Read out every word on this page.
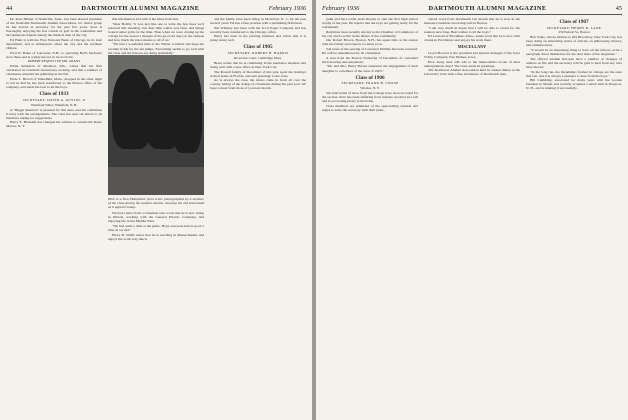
44	DARTMOUTH ALUMNI MAGAZINE	February 1936

Dr. Ross Hiltner of Nashville, Tenn., has been elected president of the Nashville Dartmouth Alumni Association, for which group he has served as secretary for the past few years. Ross is thoroughly enjoying his few rounds of golf in the wintertime and has numerous friends among the medical men of the city.

Ed Hunt is with the First National Bank of Chicago in its trust department, and is enthusiastic about the city and the northern climate.

Fred W. Baker of Lancaster, N.H., is operating Bell's hardware store there and is widely known in local circles.

ROBERT REQUEST OF MR. GRANT

Eddie Sebastian of Madison, Wis., writes that his firm celebrated its twentieth anniversary recently, and that a number of classmates attended the gathering in the fall.

Ernie L. Brown of Wakefield, Mass., dropped in the other night to tell us that he has been transferred to the Boston office of the company, and sends his best to all the boys.

Class of 1933
SECRETARY, DAVID A. AUSTIN, II
Wakefield Valley, Wakefield, N. H.

A "Bigger Reunion" is planned for this June, and the committee is busy with the arrangements. The class has sent out letters to all members asking for suggestions.

Harry E. Blaisdell has changed his address to Greenville Road, Mercer, N. Y.

this information and with it the letter from Jim.

"Dear Bobby: 'It was just like one to write the few lines we'd reserved this morning, but dear little Cellar was blue, and things looked rather grim for the time. Then when we were closing up the cottage for the season I thought of the good old days on the campus and how much the place means to all of us.'

"We had a wonderful time at the Winter Carnival and hope the weather holds for the ski jumps. Everything seems to go well with the class and the fellows are doing splendidly."

Here is a New Hampshire farm scene photographed by a member of the class during the autumn months, showing the old homestead as it appears today.

We had a letter from a classmate who wrote that he is now living in Illinois, working with the General Electric Company, and enjoying life in the Middle West.

"We had quite a time at the game. Hope everyone had as good a time as we did."

Harry B. Smith writes that he is teaching in Massachusetts and enjoys the work very much.

and the family have been living in Montclair, N. J., for the past several years. He has a fine position with a publishing firm there.

Jim Whitney has been with the Scott Paper Company and has recently been transferred to the Chicago office.

Harry has been in the printing business and writes that it is going along well.

Class of 1905
SECRETARY, ROBERT H. HARRIS
Riverview Court, Cambridge, Mass.

Brent writes that he is continuing in the insurance business and doing well with a new office in New York City.

The Rowell family of December of this year spent the holidays at their home in Florida, and sent greetings to the class.

As is always the case, the letters came in from all over the country telling of the doings of classmates during the past year. We hope to hear from more of you next month.

February 1936	DARTMOUTH ALUMNI MAGAZINE	45

gram and his Lowell team already to take the first high school trophy of the year. He reports that the boys are getting ready for the tournament.

Ralph has been recently elected to the Chamber of Commerce of his city and is active in the affairs of the community.

Our Robert Brown, Boston, N.H., has spent time at the station with his family and expects to return soon.

Sad news of the passing of Lawrence Phillips has been received. He will be remembered by all classmates.

A note from the Boston Transcript of December 21 contained the following announcement:

"Mr. and Mrs. Harry Brown announce the engagement of their daughter to a member of the class of 1903."

Class of 1906
SECRETARY, FRANK B. CHASE
Windsor, N. Y.

Six brief items of news from the College have been recorded for the section. Rice has been suffering from injuries received in a fall and is recovering nicely at his home.

Class members are reminded of the approaching reunion and urged to write the secretary with their plans.

ceived word from Dartmouth last month that he is now in the insurance business and doing well in Boston.

"I am very much in hopes that I will be able to return for the reunion next June. Best wishes to all the boys."

Ed Leonard of Brookline, Mass., sends word that he is now with a bank in Providence and enjoys his work there.

MISCELLANY

Lloyd Howard is the president and general manager of the Iowa Valley Company, Des Moines, Iowa.

How many men still add to the memorabilia books of their undergraduate days? The class sends its greetings.

The Northwest Alumni Association held its annual dinner at the University Club with a fine attendance of Dartmouth men.

Class of 1907
SECRETARY, HENRY R. LANE
250 Federal St., Boston

Bob Soule, whose address is 293 Broadway, New York City, has been doing an interesting series of articles on philosophy, history, and reminiscences.

"It would be an interesting thing to have all the fellows write a paragraph about themselves for the next issue of the magazine."

The official Alumni Records have a number of changes of address on file and the secretary will be glad to hear from any who have moved.

"In the long run, the friendships formed in college are the ones that last, and it is always a pleasure to hear from the boys."

Bill Cumming, associated for many years with the woolen business in Maine, has recently acquired a small mill in Newport, N. H., and is running it successfully.
